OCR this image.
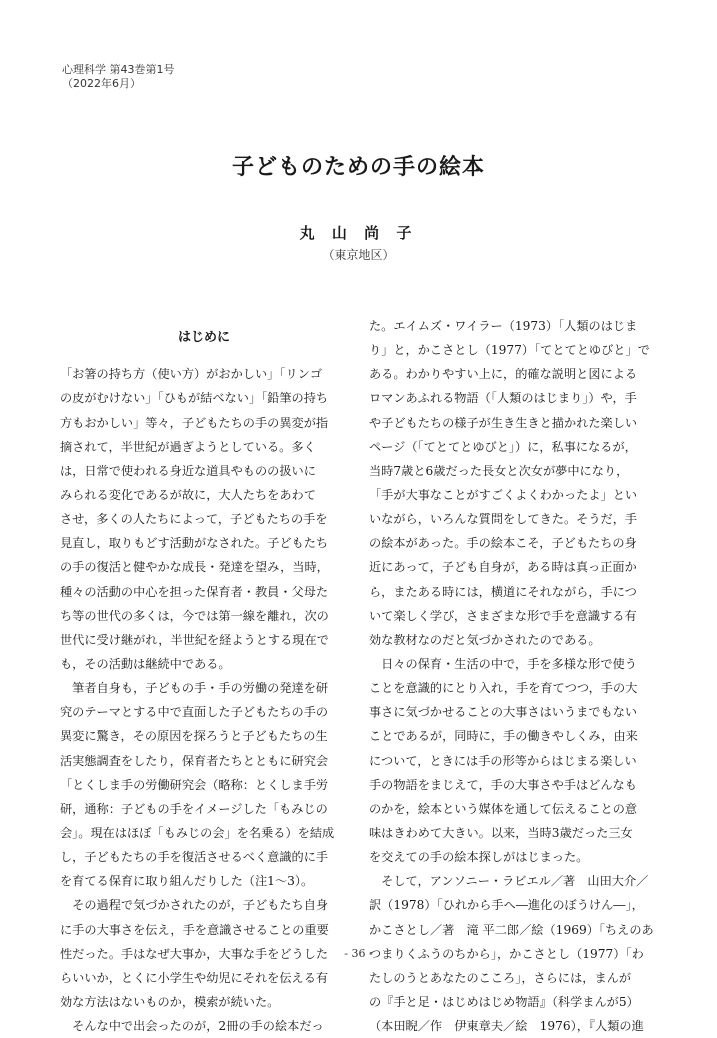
心理科学 第43巻第1号
（2022年6月）
子どものための手の絵本
丸 山 尚 子
（東京地区）
はじめに
「お箸の持ち方（使い方）がおかしい」「リンゴ
の皮がむけない」「ひもが結べない」「鉛筆の持ち
方もおかしい」等々，子どもたちの手の異変が指
摘されて，半世紀が過ぎようとしている。多く
は，日常で使われる身近な道具やものの扱いに
みられる変化であるが故に，大人たちをあわて
させ，多くの人たちによって，子どもたちの手を
見直し，取りもどす活動がなされた。子どもたち
の手の復活と健やかな成長・発達を望み，当時，
種々の活動の中心を担った保育者・教員・父母た
ち等の世代の多くは，今では第一線を離れ，次の
世代に受け継がれ，半世紀を経ようとする現在で
も，その活動は継続中である。
　筆者自身も，子どもの手・手の労働の発達を研
究のテーマとする中で直面した子どもたちの手の
異変に驚き，その原因を探ろうと子どもたちの生
活実態調査をしたり，保育者たちとともに研究会
「とくしま手の労働研究会（略称：とくしま手労
研，通称：子どもの手をイメージした「もみじの
会」。現在はほぼ「もみじの会」を名乗る）を結成
し，子どもたちの手を復活させるべく意識的に手
を育てる保育に取り組んだりした（注1〜3）。
　その過程で気づかされたのが，子どもたち自身
に手の大事さを伝え，手を意識させることの重要
性だった。手はなぜ大事か，大事な手をどうした
らいいか，とくに小学生や幼児にそれを伝える有
効な方法はないものか，模索が続いた。
　そんな中で出会ったのが，2冊の手の絵本だっ
た。エイムズ・ワイラー（1973）「人類のはじま
り」と，かこさとし（1977）「てとてとゆびと」で
ある。わかりやすい上に，的確な説明と図による
ロマンあふれる物語（「人類のはじまり」）や，手
や子どもたちの様子が生き生きと描かれた楽しい
ページ（「てとてとゆびと」）に，私事になるが，
当時7歳と6歳だった長女と次女が夢中になり，
「手が大事なことがすごくよくわかったよ」とい
いながら，いろんな質問をしてきた。そうだ，手
の絵本があった。手の絵本こそ，子どもたちの身
近にあって，子ども自身が，ある時は真っ正面か
ら，またある時には，横道にそれながら，手につ
いて楽しく学び，さまざまな形で手を意識する有
効な教材なのだと気づかされたのである。
　日々の保育・生活の中で，手を多様な形で使う
ことを意識的にとり入れ，手を育てつつ，手の大
事さに気づかせることの大事さはいうまでもない
ことであるが，同時に，手の働きやしくみ，由来
について，ときには手の形等からはじまる楽しい
手の物語をまじえて，手の大事さや手はどんなも
のかを，絵本という媒体を通して伝えることの意
味はきわめて大きい。以来，当時3歳だった三女
を交えての手の絵本探しがはじまった。
　そして，アンソニー・ラビエル／著　山田大介／
訳（1978）「ひれから手へ―進化のぼうけん―」，
かこさとし／著　滝 平二郎／絵（1969）「ちえのあ
つまりくふうのちから」，かこさとし（1977）「わ
たしのうとあなたのこころ」，さらには，まんが
の『手と足・はじめはじめ物語』（科学まんが5）
（本田睨／作　伊東章夫／絵　1976），『人類の進
- 36 -
